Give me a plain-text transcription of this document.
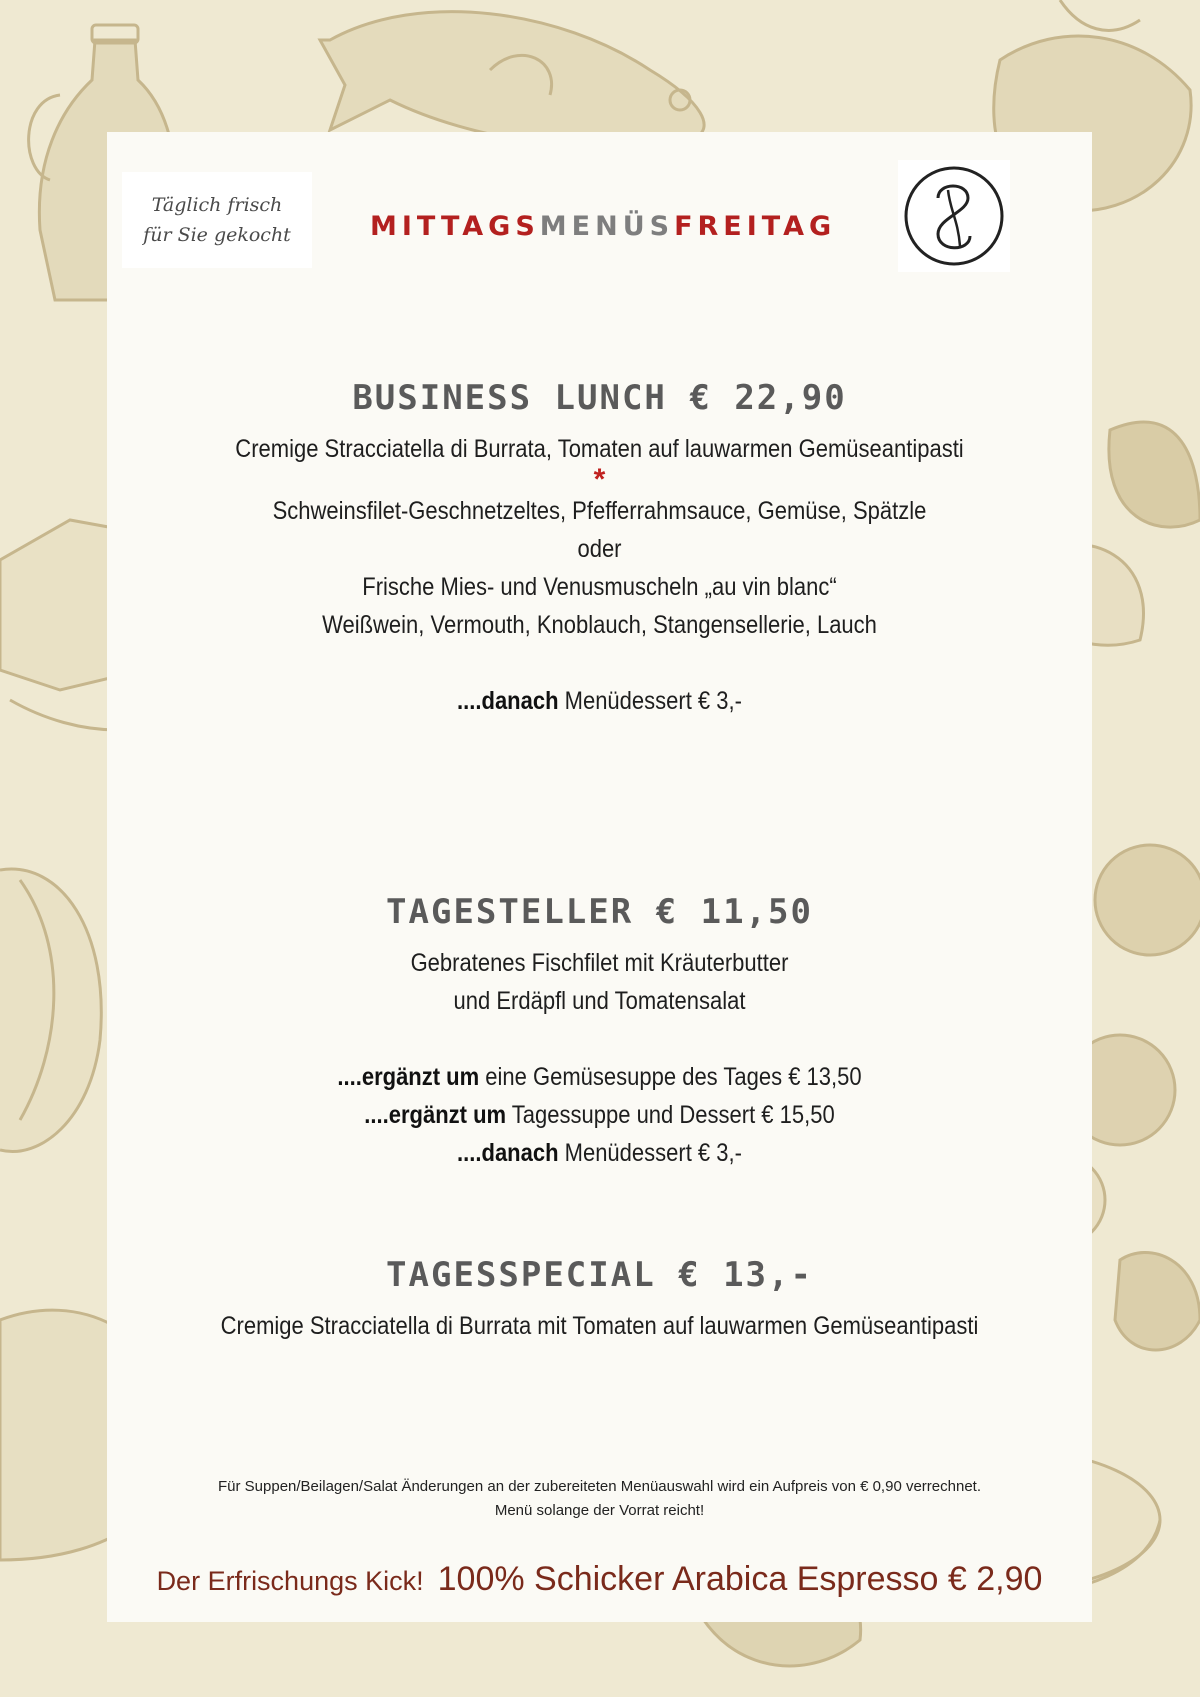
Täglich frisch
für Sie gekocht	MITTAGSMENÜSFREITAG
BUSINESS LUNCH € 22,90
Cremige Stracciatella di Burrata, Tomaten auf lauwarmen Gemüseantipasti
*
Schweinsfilet-Geschnetzeltes, Pfefferrahmsauce, Gemüse, Spätzle
oder
Frische Mies- und Venusmuscheln „au vin blanc“
Weißwein, Vermouth, Knoblauch, Stangensellerie, Lauch
....danach Menüdessert € 3,-
TAGESTELLER € 11,50
Gebratenes Fischfilet mit Kräuterbutter
und Erdäpfl und Tomatensalat
....ergänzt um eine Gemüsesuppe des Tages € 13,50
....ergänzt um Tagessuppe und Dessert € 15,50
....danach Menüdessert € 3,-
TAGESSPECIAL € 13,-
Cremige Stracciatella di Burrata mit Tomaten auf lauwarmen Gemüseantipasti
Für Suppen/Beilagen/Salat Änderungen an der zubereiteten Menüauswahl wird ein Aufpreis von € 0,90 verrechnet.
Menü solange der Vorrat reicht!
Der Erfrischungs Kick! 100% Schicker Arabica Espresso € 2,90
